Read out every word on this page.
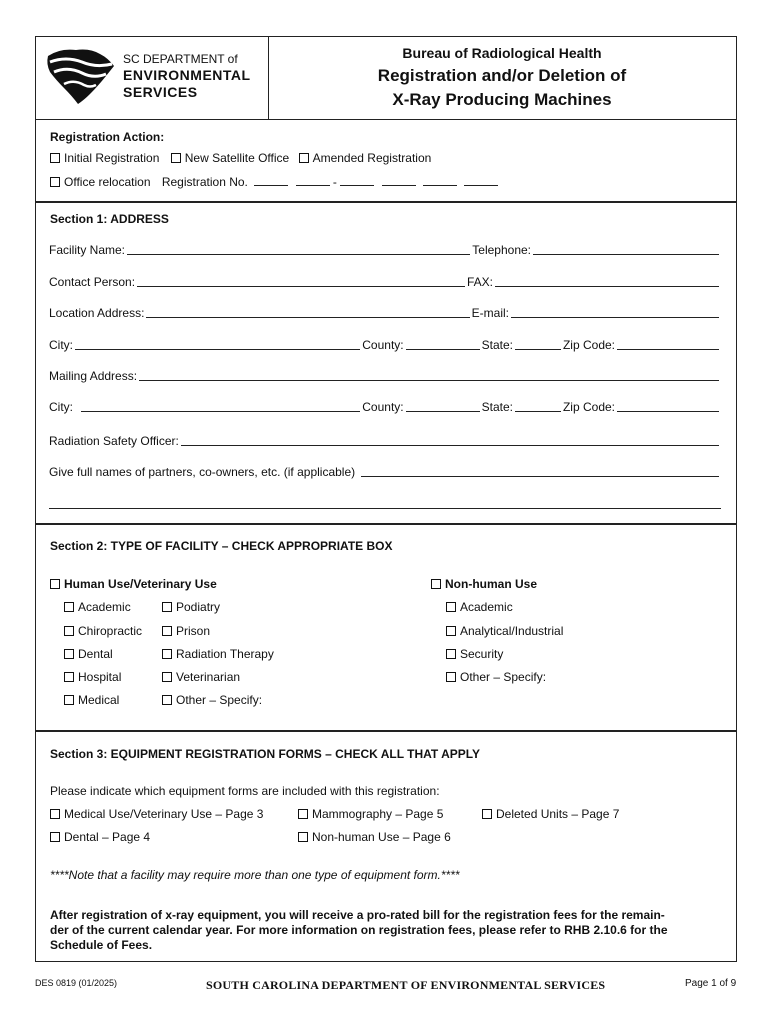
SC DEPARTMENT of
ENVIRONMENTAL
SERVICES
Bureau of Radiological Health
Registration and/or Deletion of
X-Ray Producing Machines
Registration Action:
Initial Registration New Satellite Office Amended Registration
Office relocation Registration No.	-
Section 1: ADDRESS
Facility Name:	Telephone:
Contact Person:	FAX:
Location Address:	E-mail:
City:	County:	State:	Zip Code:
Mailing Address:
City:	County:	State:	Zip Code:
Radiation Safety Officer:
Give full names of partners, co-owners, etc. (if applicable)
Section 2: TYPE OF FACILITY – CHECK APPROPRIATE BOX
Human Use/Veterinary Use	Non-human Use
Academic
Chiropractic
Dental
Hospital
Medical
Podiatry
Prison
Radiation Therapy
Veterinarian
Other – Specify:
Academic
Analytical/Industrial
Security
Other – Specify:
Section 3: EQUIPMENT REGISTRATION FORMS – CHECK ALL THAT APPLY
Please indicate which equipment forms are included with this registration:
Medical Use/Veterinary Use – Page 3	Mammography – Page 5	Deleted Units – Page 7
Dental – Page 4	Non-human Use – Page 6
****Note that a facility may require more than one type of equipment form.****
After registration of x-ray equipment, you will receive a pro-rated bill for the registration fees for the remain-
der of the current calendar year. For more information on registration fees, please refer to RHB 2.10.6 for the
Schedule of Fees.
DES 0819 (01/2025)	SOUTH CAROLINA DEPARTMENT OF ENVIRONMENTAL SERVICES	Page 1 of 9
